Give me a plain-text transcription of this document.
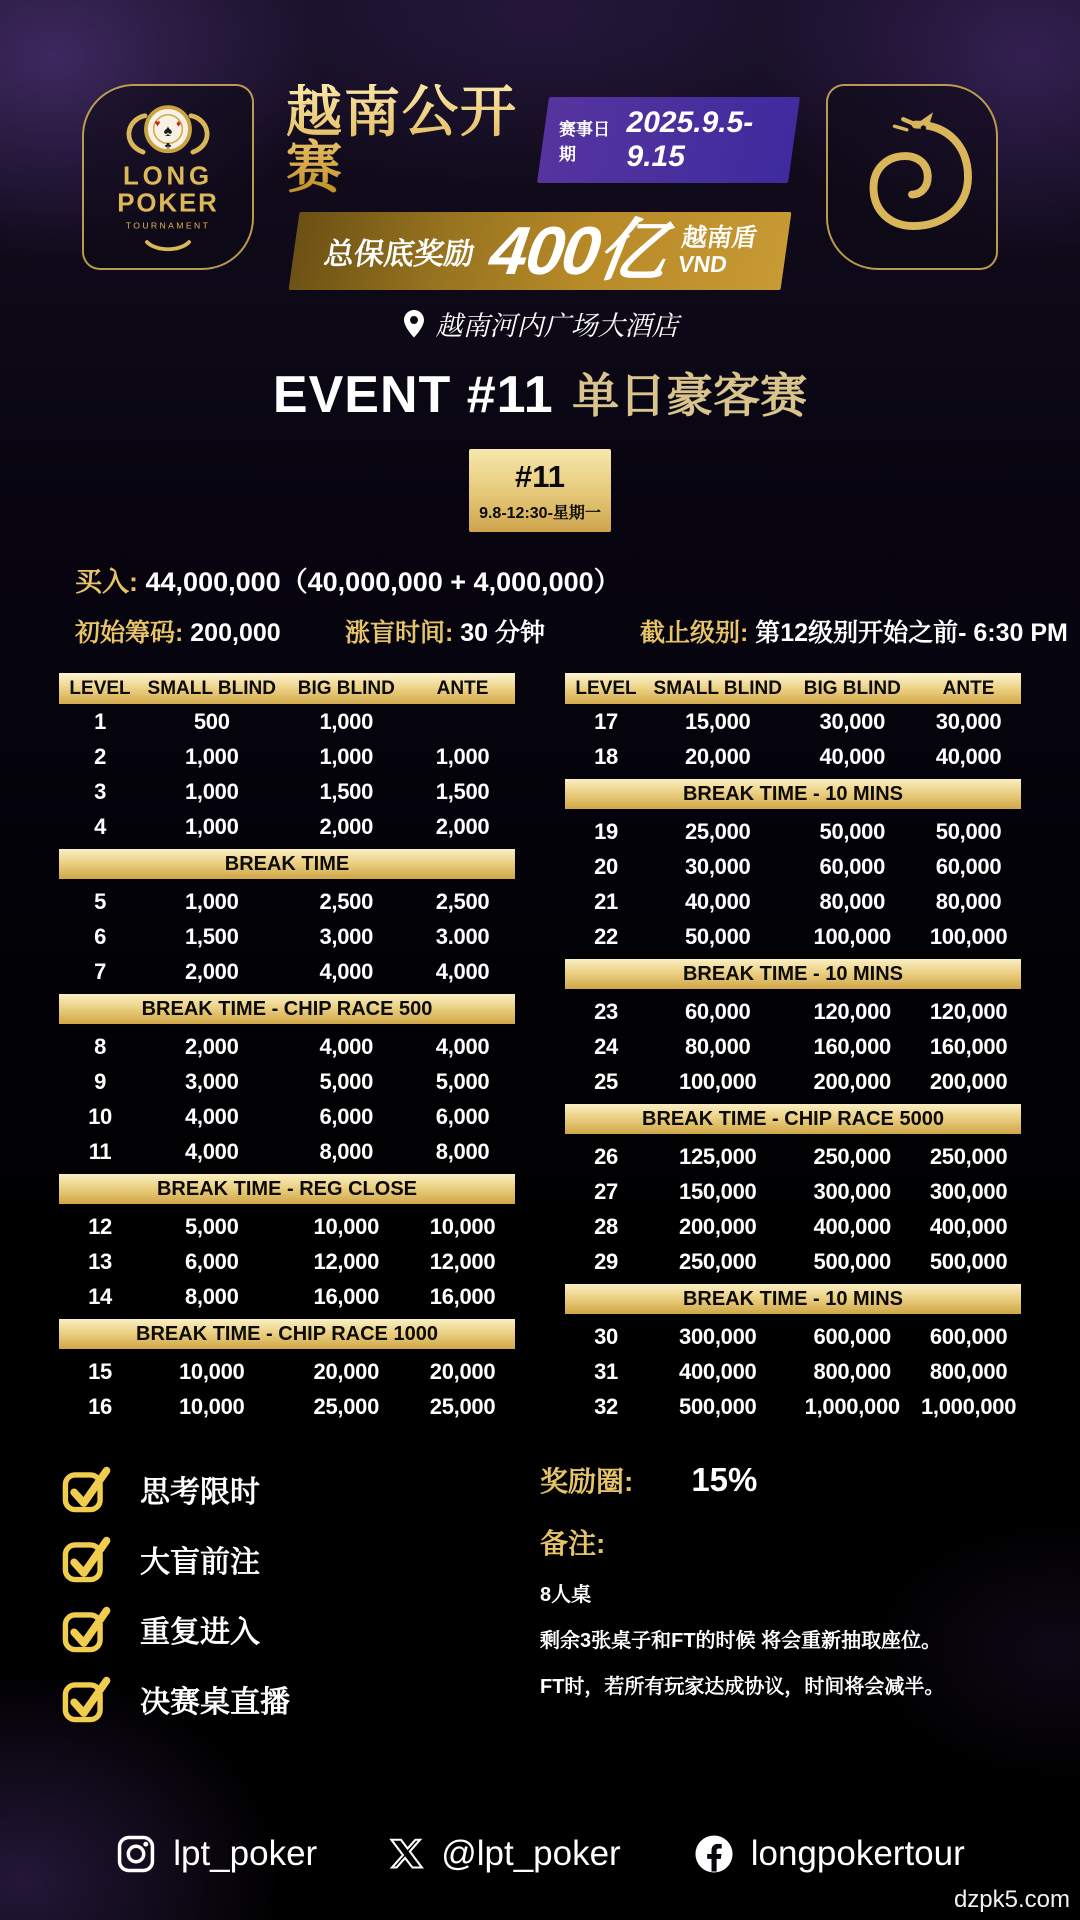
♠
♥ ♦
♣
LONG
POKER
TOURNAMENT
越南公开赛
赛事日期
2025.9.5-9.15
总保底奖励 400亿 越南盾
VND
越南河内广场大酒店
EVENT #11 单日豪客赛
#11
9.8-12:30-星期一
买入: 44,000,000（40,000,000 + 4,000,000）
初始筹码: 200,000	涨盲时间: 30 分钟	截止级别: 第12级别开始之前- 6:30 PM
LEVEL SMALL BLIND	BIG BLIND	ANTE
1	500	1,000
2	1,000	1,000	1,000
3	1,000	1,500	1,500
4	1,000	2,000	2,000
BREAK TIME
5	1,000	2,500	2,500
6	1,500	3,000	3.000
7	2,000	4,000	4,000
BREAK TIME - CHIP RACE 500
8	2,000	4,000	4,000
9	3,000	5,000	5,000
10	4,000	6,000	6,000
11	4,000	8,000	8,000
BREAK TIME - REG CLOSE
12	5,000	10,000	10,000
13	6,000	12,000	12,000
14	8,000	16,000	16,000
BREAK TIME - CHIP RACE 1000
15	10,000	20,000	20,000
16	10,000	25,000	25,000
LEVEL SMALL BLIND	BIG BLIND	ANTE
17	15,000	30,000	30,000
18	20,000	40,000	40,000
BREAK TIME - 10 MINS
19	25,000	50,000	50,000
20	30,000	60,000	60,000
21	40,000	80,000	80,000
22	50,000	100,000	100,000
BREAK TIME - 10 MINS
23	60,000	120,000	120,000
24	80,000	160,000	160,000
25	100,000	200,000	200,000
BREAK TIME - CHIP RACE 5000
26	125,000	250,000	250,000
27	150,000	300,000	300,000
28	200,000	400,000	400,000
29	250,000	500,000	500,000
BREAK TIME - 10 MINS
30	300,000	600,000	600,000
31	400,000	800,000	800,000
32	500,000	1,000,000 1,000,000
思考限时
大盲前注
重复进入
决赛桌直播
奖励圈: 15%
备注:
8人桌
剩余3张桌子和FT的时候 将会重新抽取座位。
FT时，若所有玩家达成协议，时间将会减半。
lpt_poker	@lpt_poker	longpokertour
dzpk5.com
